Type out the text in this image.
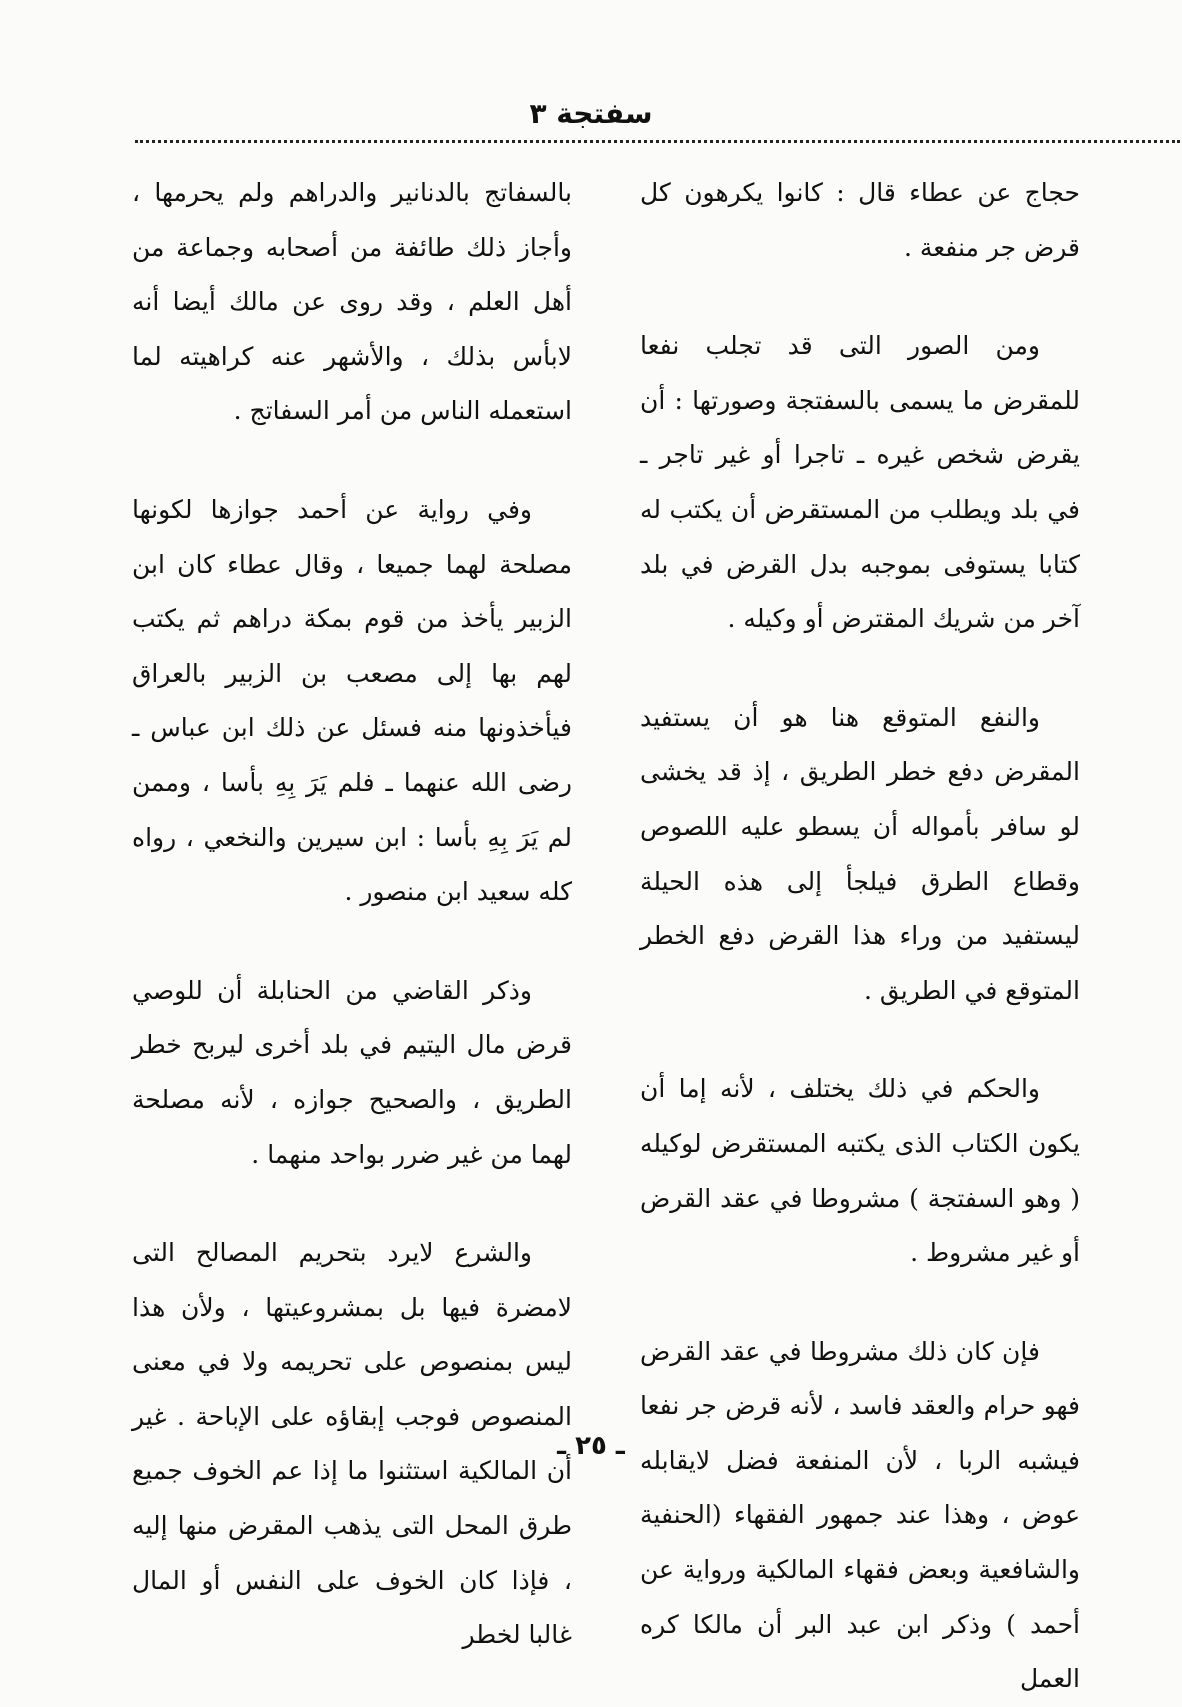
سفتجة ٣

حجاج عن عطاء قال : كانوا يكرهون كل قرض جر منفعة .

ومن الصور التى قد تجلب نفعا للمقرض ما يسمى بالسفتجة وصورتها : أن يقرض شخص غيره ـ تاجرا أو غير تاجر ـ في بلد ويطلب من المستقرض أن يكتب له كتابا يستوفى بموجبه بدل القرض في بلد آخر من شريك المقترض أو وكيله .

والنفع المتوقع هنا هو أن يستفيد المقرض دفع خطر الطريق ، إذ قد يخشى لو سافر بأمواله أن يسطو عليه اللصوص وقطاع الطرق فيلجأ إلى هذه الحيلة ليستفيد من وراء هذا القرض دفع الخطر المتوقع في الطريق .

والحكم في ذلك يختلف ، لأنه إما أن يكون الكتاب الذى يكتبه المستقرض لوكيله ( وهو السفتجة ) مشروطا في عقد القرض أو غير مشروط .

فإن كان ذلك مشروطا في عقد القرض فهو حرام والعقد فاسد ، لأنه قرض جر نفعا فيشبه الربا ، لأن المنفعة فضل لايقابله عوض ، وهذا عند جمهور الفقهاء (الحنفية والشافعية وبعض فقهاء المالكية ورواية عن أحمد ) وذكر ابن عبد البر أن مالكا كره العمل

بالسفاتج بالدنانير والدراهم ولم يحرمها ، وأجاز ذلك طائفة من أصحابه وجماعة من أهل العلم ، وقد روى عن مالك أيضا أنه لابأس بذلك ، والأشهر عنه كراهيته لما استعمله الناس من أمر السفاتج .

وفي رواية عن أحمد جوازها لكونها مصلحة لهما جميعا ، وقال عطاء كان ابن الزبير يأخذ من قوم بمكة دراهم ثم يكتب لهم بها إلى مصعب بن الزبير بالعراق فيأخذونها منه فسئل عن ذلك ابن عباس ـ رضى الله عنهما ـ فلم يَرَ بِهِ بأسا ، وممن لم يَرَ بِهِ بأسا : ابن سيرين والنخعي ، رواه كله سعيد ابن منصور .

وذكر القاضي من الحنابلة أن للوصي قرض مال اليتيم في بلد أخرى ليربح خطر الطريق ، والصحيح جوازه ، لأنه مصلحة لهما من غير ضرر بواحد منهما .

والشرع لايرد بتحريم المصالح التى لامضرة فيها بل بمشروعيتها ، ولأن هذا ليس بمنصوص على تحريمه ولا في معنى المنصوص فوجب إبقاؤه على الإباحة . غير أن المالكية استثنوا ما إذا عم الخوف جميع طرق المحل التى يذهب المقرض منها إليه ، فإذا كان الخوف على النفس أو المال غالبا لخطر

ـ ٢٥ ـ
